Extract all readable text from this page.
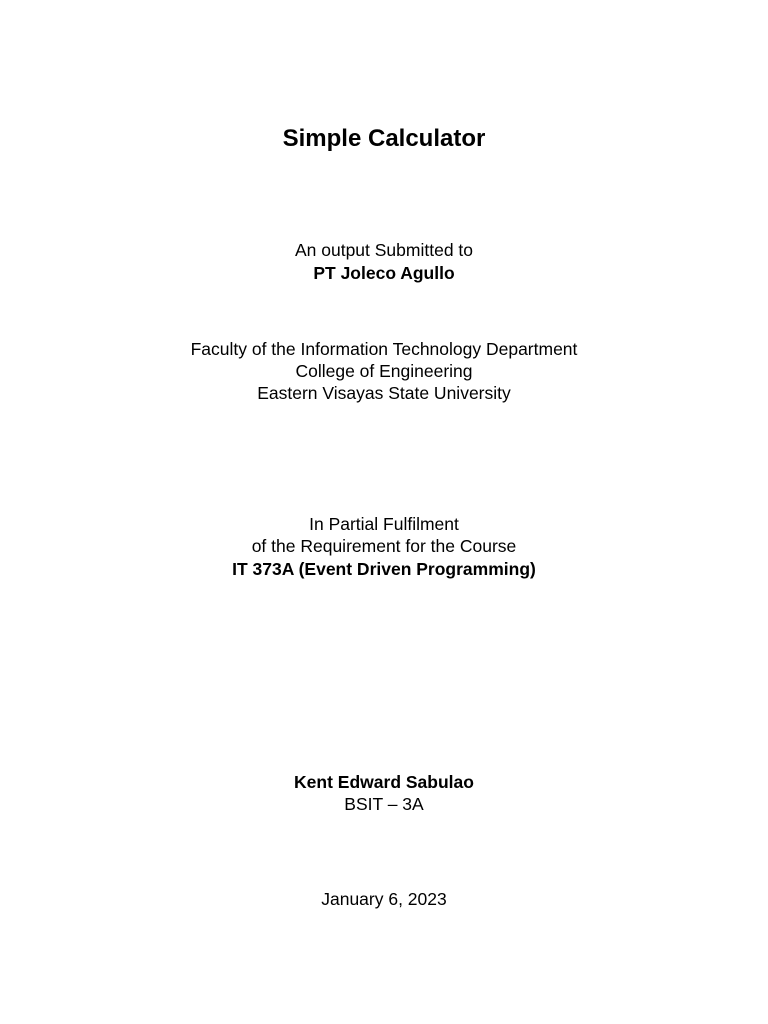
Simple Calculator
An output Submitted to
PT Joleco Agullo
Faculty of the Information Technology Department
College of Engineering
Eastern Visayas State University
In Partial Fulfilment
of the Requirement for the Course
IT 373A (Event Driven Programming)
Kent Edward Sabulao
BSIT – 3A
January 6, 2023
